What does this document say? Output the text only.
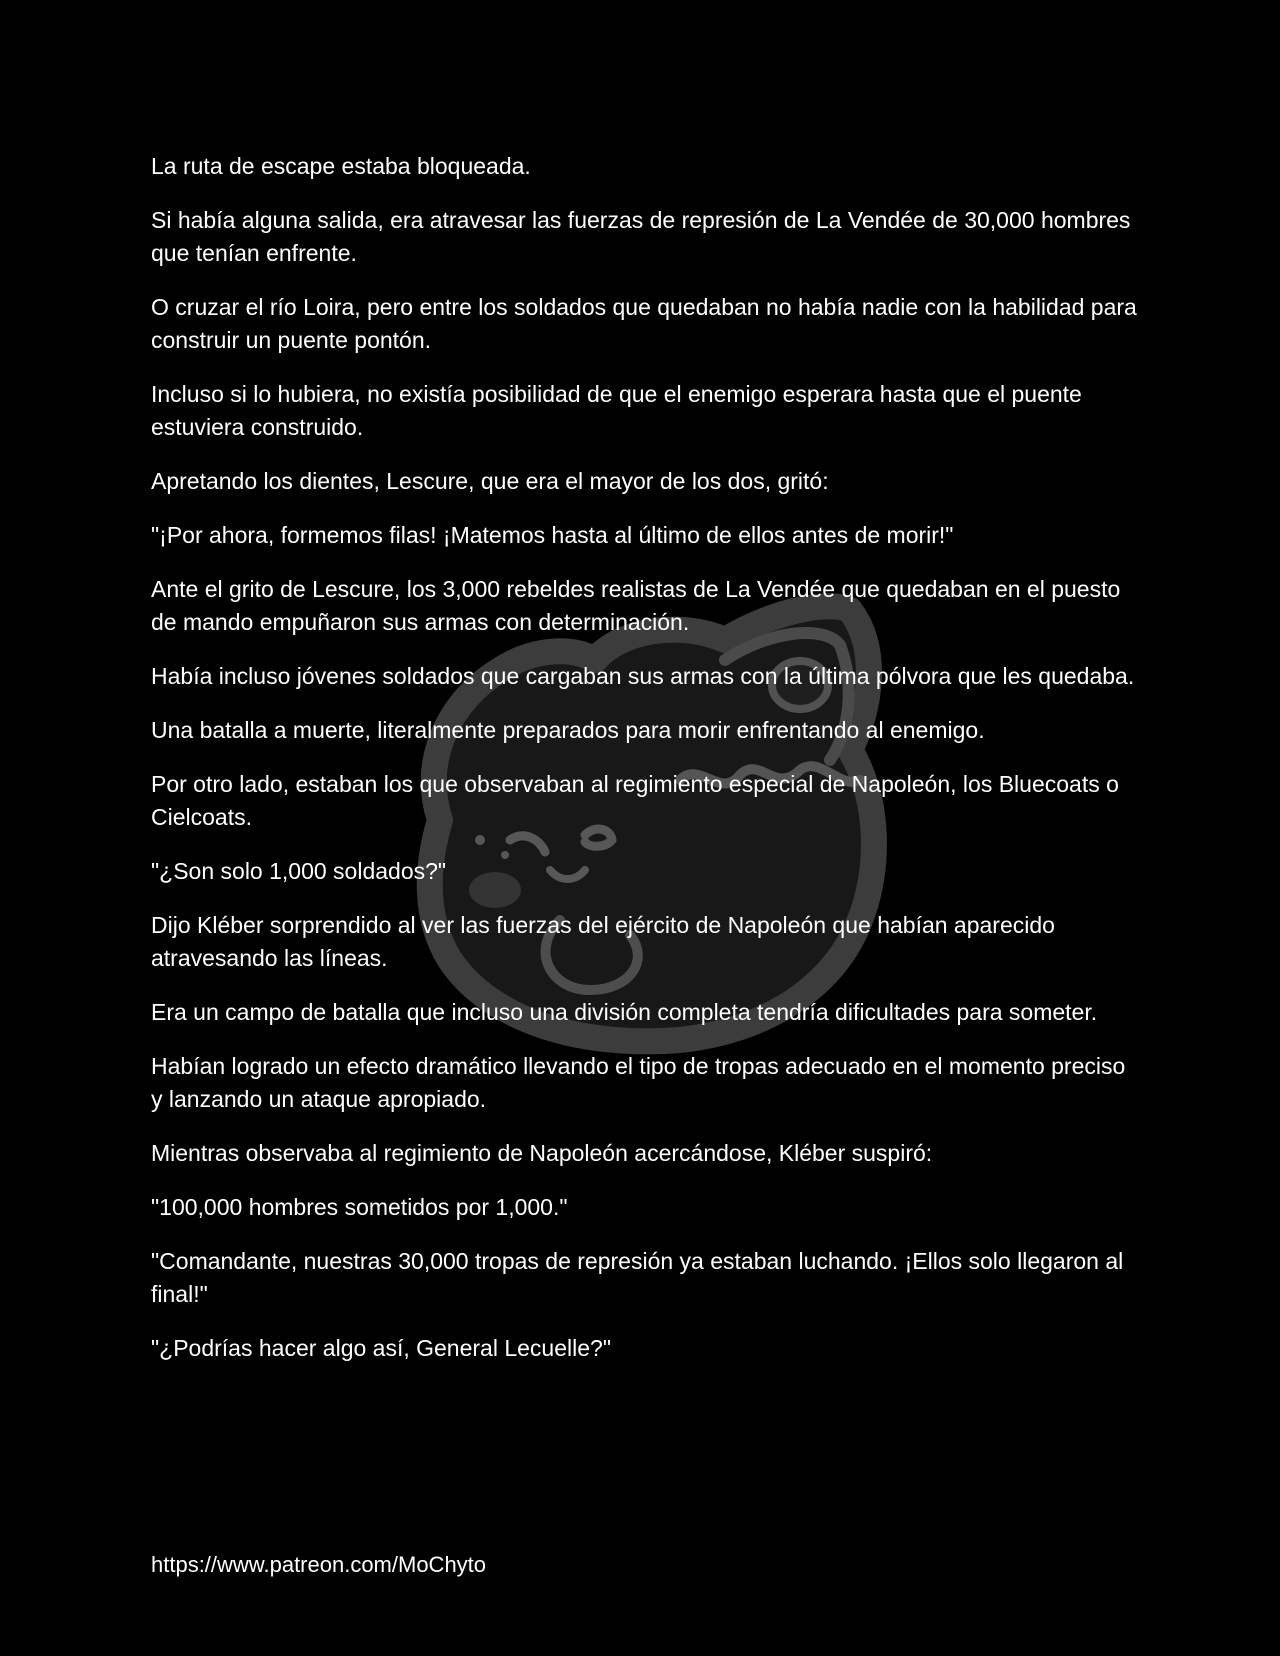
La ruta de escape estaba bloqueada.

Si había alguna salida, era atravesar las fuerzas de represión de La Vendée de 30,000 hombres que tenían enfrente.

O cruzar el río Loira, pero entre los soldados que quedaban no había nadie con la habilidad para construir un puente pontón.

Incluso si lo hubiera, no existía posibilidad de que el enemigo esperara hasta que el puente estuviera construido.

Apretando los dientes, Lescure, que era el mayor de los dos, gritó:

"¡Por ahora, formemos filas! ¡Matemos hasta al último de ellos antes de morir!"

Ante el grito de Lescure, los 3,000 rebeldes realistas de La Vendée que quedaban en el puesto de mando empuñaron sus armas con determinación.

Había incluso jóvenes soldados que cargaban sus armas con la última pólvora que les quedaba.

Una batalla a muerte, literalmente preparados para morir enfrentando al enemigo.

Por otro lado, estaban los que observaban al regimiento especial de Napoleón, los Bluecoats o Cielcoats.

"¿Son solo 1,000 soldados?"

Dijo Kléber sorprendido al ver las fuerzas del ejército de Napoleón que habían aparecido atravesando las líneas.

Era un campo de batalla que incluso una división completa tendría dificultades para someter.

Habían logrado un efecto dramático llevando el tipo de tropas adecuado en el momento preciso y lanzando un ataque apropiado.

Mientras observaba al regimiento de Napoleón acercándose, Kléber suspiró:

"100,000 hombres sometidos por 1,000."

"Comandante, nuestras 30,000 tropas de represión ya estaban luchando. ¡Ellos solo llegaron al final!"

"¿Podrías hacer algo así, General Lecuelle?"

https://www.patreon.com/MoChyto
